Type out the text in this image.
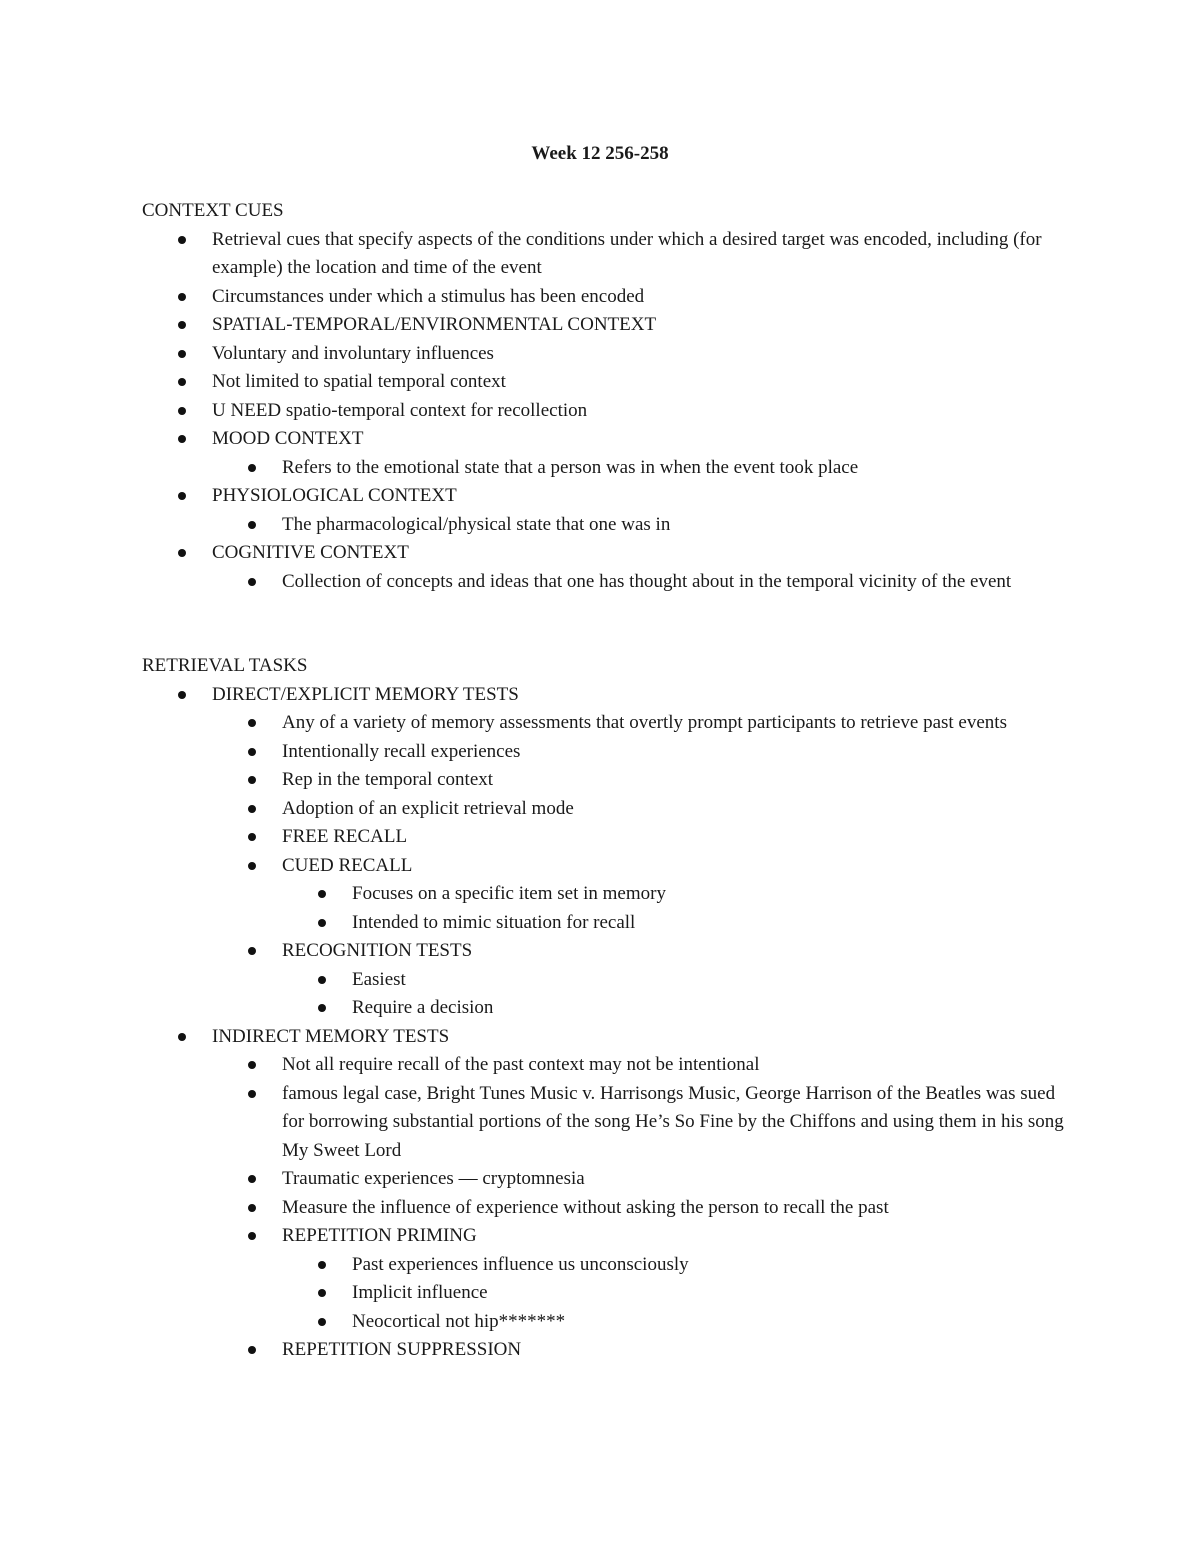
Week 12 256-258

CONTEXT CUES

Retrieval cues that specify aspects of the conditions under which a desired target was encoded, including (for example) the location and time of the event
Circumstances under which a stimulus has been encoded
SPATIAL-TEMPORAL/ENVIRONMENTAL CONTEXT
Voluntary and involuntary influences
Not limited to spatial temporal context
U NEED spatio-temporal context for recollection
MOOD CONTEXT
Refers to the emotional state that a person was in when the event took place
PHYSIOLOGICAL CONTEXT
The pharmacological/physical state that one was in
COGNITIVE CONTEXT
Collection of concepts and ideas that one has thought about in the temporal vicinity of the event

RETRIEVAL TASKS

DIRECT/EXPLICIT MEMORY TESTS
Any of a variety of memory assessments that overtly prompt participants to retrieve past events
Intentionally recall experiences
Rep in the temporal context
Adoption of an explicit retrieval mode
FREE RECALL
CUED RECALL
Focuses on a specific item set in memory
Intended to mimic situation for recall
RECOGNITION TESTS
Easiest
Require a decision
INDIRECT MEMORY TESTS
Not all require recall of the past context may not be intentional
famous legal case, Bright Tunes Music v. Harrisongs Music, George Harrison of the Beatles was sued for borrowing substantial portions of the song He’s So Fine by the Chiffons and using them in his song My Sweet Lord
Traumatic experiences — cryptomnesia
Measure the influence of experience without asking the person to recall the past
REPETITION PRIMING
Past experiences influence us unconsciously
Implicit influence
Neocortical not hip*******
REPETITION SUPPRESSION
